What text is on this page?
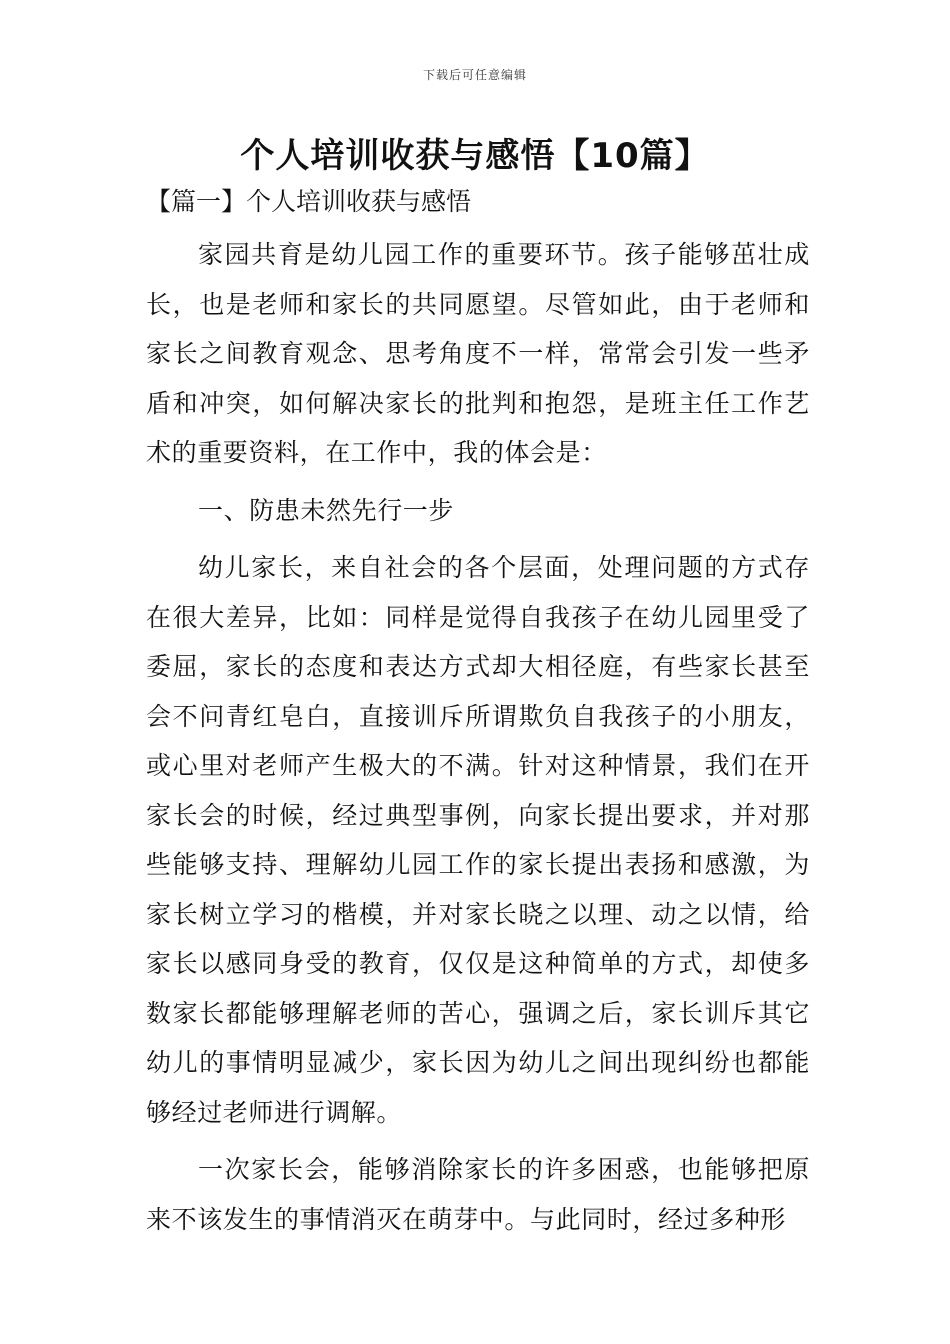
下载后可任意编辑
个人培训收获与感悟【10篇】
【篇一】个人培训收获与感悟

家园共育是幼儿园工作的重要环节。孩子能够茁壮成长，也是老师和家长的共同愿望。尽管如此，由于老师和家长之间教育观念、思考角度不一样，常常会引发一些矛盾和冲突，如何解决家长的批判和抱怨，是班主任工作艺术的重要资料，在工作中，我的体会是：

一、防患未然先行一步

幼儿家长，来自社会的各个层面，处理问题的方式存在很大差异，比如：同样是觉得自我孩子在幼儿园里受了委屈，家长的态度和表达方式却大相径庭，有些家长甚至会不问青红皂白，直接训斥所谓欺负自我孩子的小朋友，或心里对老师产生极大的不满。针对这种情景，我们在开家长会的时候，经过典型事例，向家长提出要求，并对那些能够支持、理解幼儿园工作的家长提出表扬和感激，为家长树立学习的楷模，并对家长晓之以理、动之以情，给家长以感同身受的教育，仅仅是这种简单的方式，却使多数家长都能够理解老师的苦心，强调之后，家长训斥其它幼儿的事情明显减少，家长因为幼儿之间出现纠纷也都能够经过老师进行调解。

一次家长会，能够消除家长的许多困惑，也能够把原来不该发生的事情消灭在萌芽中。与此同时，经过多种形
